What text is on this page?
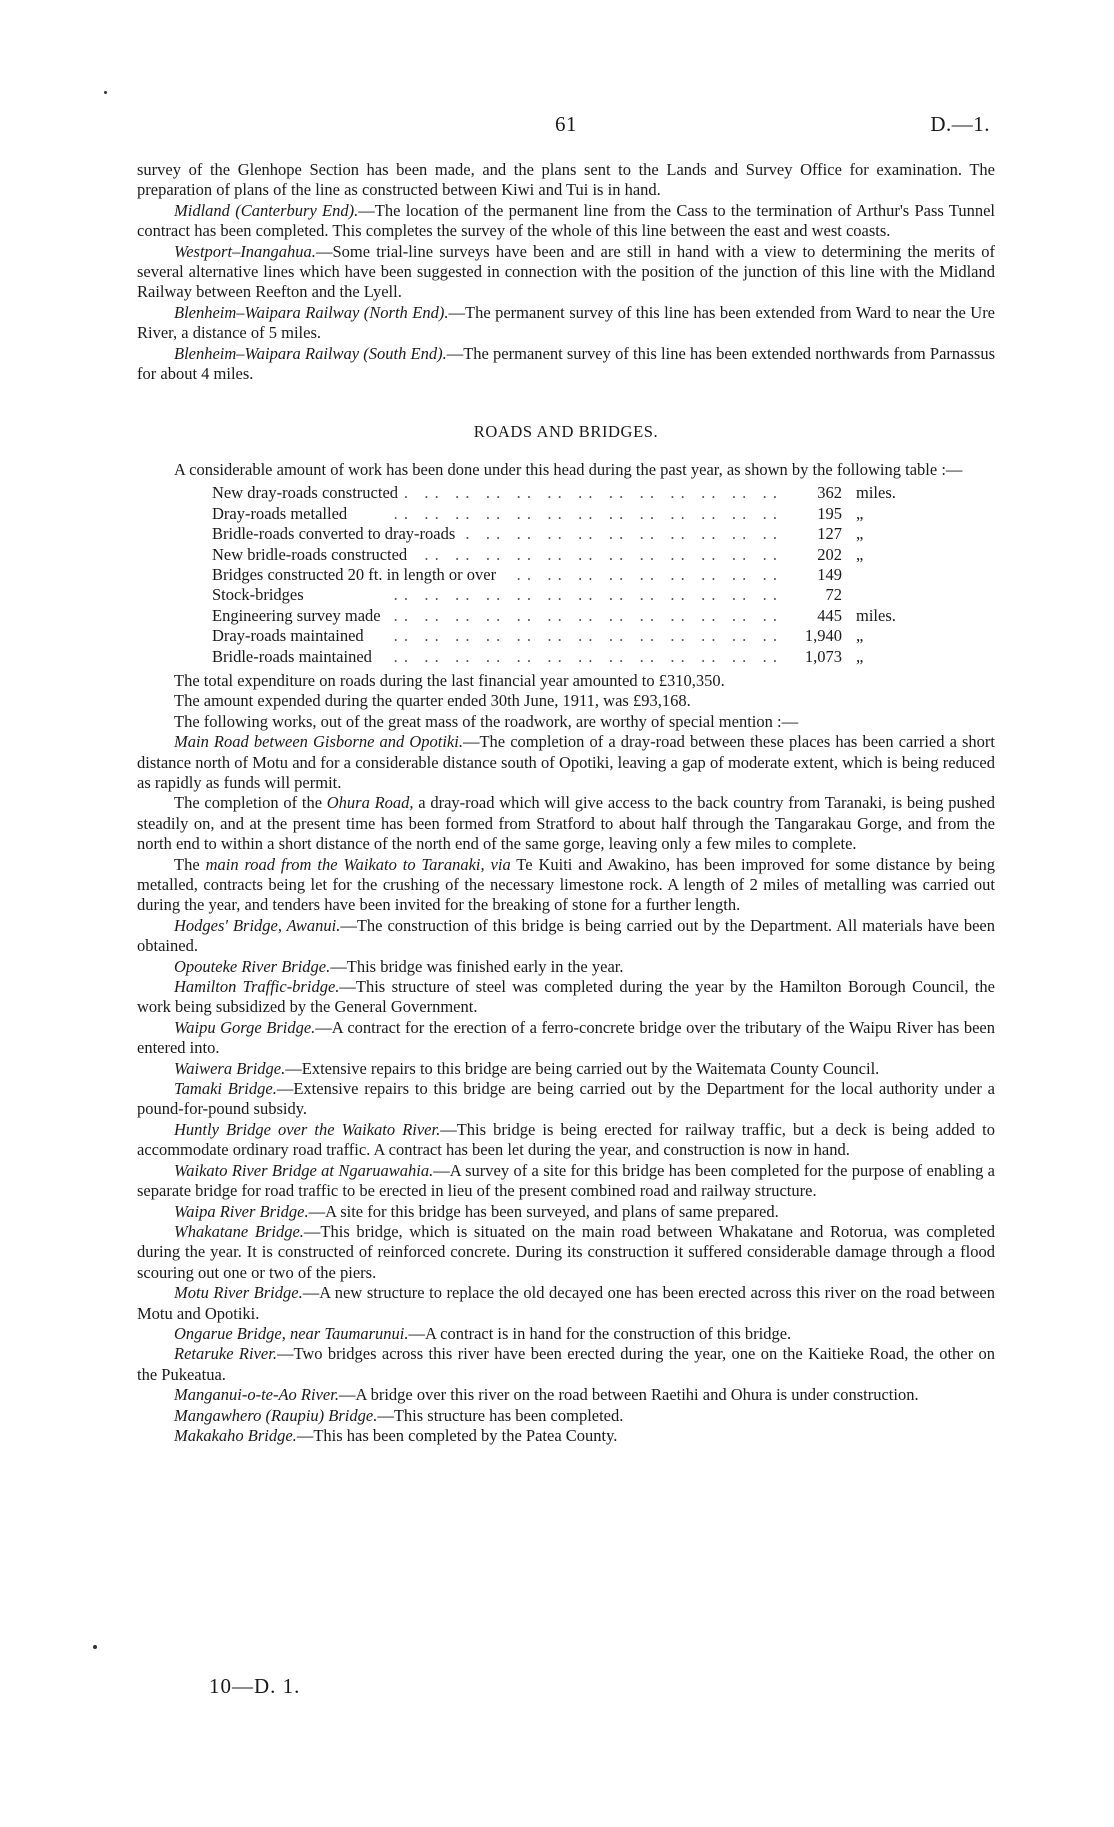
61	D.—1.

survey of the Glenhope Section has been made, and the plans sent to the Lands and Survey Office for examination. The preparation of plans of the line as constructed between Kiwi and Tui is in hand.

Midland (Canterbury End).—The location of the permanent line from the Cass to the termination of Arthur's Pass Tunnel contract has been completed. This completes the survey of the whole of this line between the east and west coasts.

Westport–Inangahua.—Some trial-line surveys have been and are still in hand with a view to determining the merits of several alternative lines which have been suggested in connection with the position of the junction of this line with the Midland Railway between Reefton and the Lyell.

Blenheim–Waipara Railway (North End).—The permanent survey of this line has been extended from Ward to near the Ure River, a distance of 5 miles.

Blenheim–Waipara Railway (South End).—The permanent survey of this line has been extended northwards from Parnassus for about 4 miles.

ROADS AND BRIDGES.

A considerable amount of work has been done under this head during the past year, as shown by the following table :—

New dray-roads constructed . .	362	miles.
Dray-roads metalled . .	195	„
Bridle-roads converted to dray-roads . .	127	„
New bridle-roads constructed . .	202	„
Bridges constructed 20 ft. in length or over . .	149	
Stock-bridges . .	72	
Engineering survey made . .	445	miles.
Dray-roads maintained . .	1,940	„
Bridle-roads maintained . .	1,073	„

The total expenditure on roads during the last financial year amounted to £310,350.

The amount expended during the quarter ended 30th June, 1911, was £93,168.

The following works, out of the great mass of the roadwork, are worthy of special mention :—

Main Road between Gisborne and Opotiki.—The completion of a dray-road between these places has been carried a short distance north of Motu and for a considerable distance south of Opotiki, leaving a gap of moderate extent, which is being reduced as rapidly as funds will permit.

The completion of the Ohura Road, a dray-road which will give access to the back country from Taranaki, is being pushed steadily on, and at the present time has been formed from Stratford to about half through the Tangarakau Gorge, and from the north end to within a short distance of the north end of the same gorge, leaving only a few miles to complete.

The main road from the Waikato to Taranaki, via Te Kuiti and Awakino, has been improved for some distance by being metalled, contracts being let for the crushing of the necessary limestone rock. A length of 2 miles of metalling was carried out during the year, and tenders have been invited for the breaking of stone for a further length.

Hodges' Bridge, Awanui.—The construction of this bridge is being carried out by the Department. All materials have been obtained.

Opouteke River Bridge.—This bridge was finished early in the year.

Hamilton Traffic-bridge.—This structure of steel was completed during the year by the Hamilton Borough Council, the work being subsidized by the General Government.

Waipu Gorge Bridge.—A contract for the erection of a ferro-concrete bridge over the tributary of the Waipu River has been entered into.

Waiwera Bridge.—Extensive repairs to this bridge are being carried out by the Waitemata County Council.

Tamaki Bridge.—Extensive repairs to this bridge are being carried out by the Department for the local authority under a pound-for-pound subsidy.

Huntly Bridge over the Waikato River.—This bridge is being erected for railway traffic, but a deck is being added to accommodate ordinary road traffic. A contract has been let during the year, and construction is now in hand.

Waikato River Bridge at Ngaruawahia.—A survey of a site for this bridge has been completed for the purpose of enabling a separate bridge for road traffic to be erected in lieu of the present combined road and railway structure.

Waipa River Bridge.—A site for this bridge has been surveyed, and plans of same prepared.

Whakatane Bridge.—This bridge, which is situated on the main road between Whakatane and Rotorua, was completed during the year. It is constructed of reinforced concrete. During its construction it suffered considerable damage through a flood scouring out one or two of the piers.

Motu River Bridge.—A new structure to replace the old decayed one has been erected across this river on the road between Motu and Opotiki.

Ongarue Bridge, near Taumarunui.—A contract is in hand for the construction of this bridge.

Retaruke River.—Two bridges across this river have been erected during the year, one on the Kaitieke Road, the other on the Pukeatua.

Manganui-o-te-Ao River.—A bridge over this river on the road between Raetihi and Ohura is under construction.

Mangawhero (Raupiu) Bridge.—This structure has been completed.

Makakaho Bridge.—This has been completed by the Patea County.

10—D. 1.
